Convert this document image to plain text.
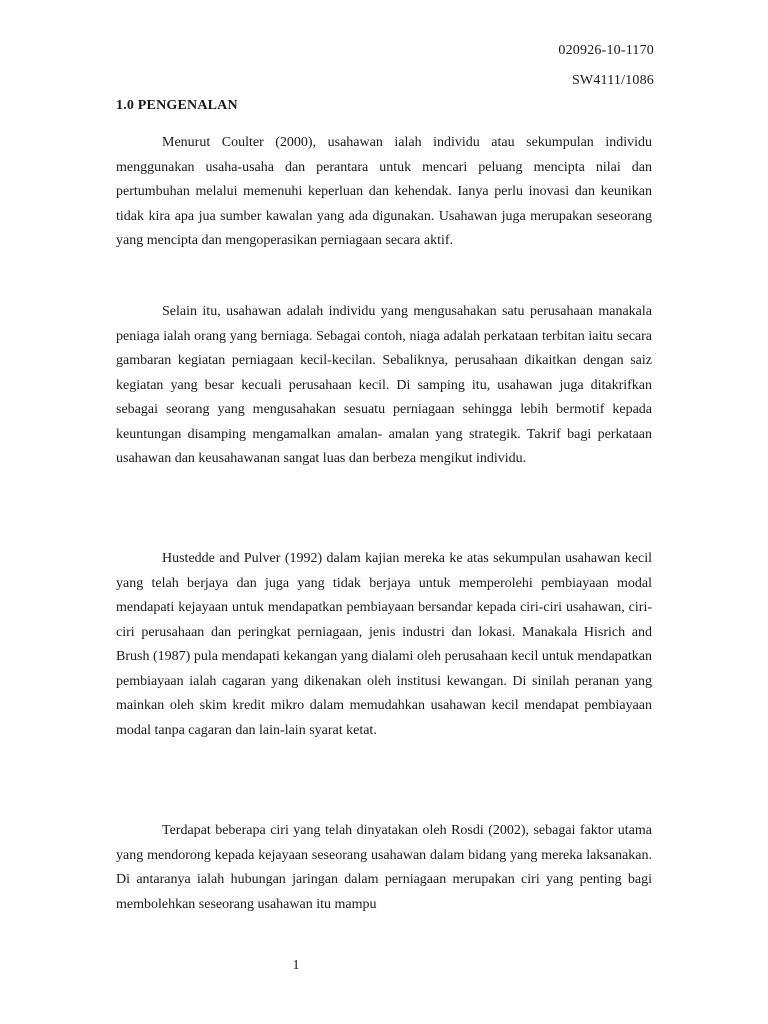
020926-10-1170
SW4111/1086
1.0 PENGENALAN

Menurut Coulter (2000), usahawan ialah individu atau sekumpulan individu menggunakan usaha-usaha dan perantara untuk mencari peluang mencipta nilai dan pertumbuhan melalui memenuhi keperluan dan kehendak. Ianya perlu inovasi dan keunikan tidak kira apa jua sumber kawalan yang ada digunakan. Usahawan juga merupakan seseorang yang mencipta dan mengoperasikan perniagaan secara aktif.

Selain itu, usahawan adalah individu yang mengusahakan satu perusahaan manakala peniaga ialah orang yang berniaga. Sebagai contoh, niaga adalah perkataan terbitan iaitu secara gambaran kegiatan perniagaan kecil-kecilan. Sebaliknya, perusahaan dikaitkan dengan saiz kegiatan yang besar kecuali perusahaan kecil. Di samping itu, usahawan juga ditakrifkan sebagai seorang yang mengusahakan sesuatu perniagaan sehingga lebih bermotif kepada keuntungan disamping mengamalkan amalan- amalan yang strategik. Takrif bagi perkataan usahawan dan keusahawanan sangat luas dan berbeza mengikut individu.

Hustedde and Pulver (1992) dalam kajian mereka ke atas sekumpulan usahawan kecil yang telah berjaya dan juga yang tidak berjaya untuk memperolehi pembiayaan modal mendapati kejayaan untuk mendapatkan pembiayaan bersandar kepada ciri-ciri usahawan, ciri-ciri perusahaan dan peringkat perniagaan, jenis industri dan lokasi. Manakala Hisrich and Brush (1987) pula mendapati kekangan yang dialami oleh perusahaan kecil untuk mendapatkan pembiayaan ialah cagaran yang dikenakan oleh institusi kewangan. Di sinilah peranan yang mainkan oleh skim kredit mikro dalam memudahkan usahawan kecil mendapat pembiayaan modal tanpa cagaran dan lain-lain syarat ketat.

Terdapat beberapa ciri yang telah dinyatakan oleh Rosdi (2002), sebagai faktor utama yang mendorong kepada kejayaan seseorang usahawan dalam bidang yang mereka laksanakan. Di antaranya ialah hubungan jaringan dalam perniagaan merupakan ciri yang penting bagi membolehkan seseorang usahawan itu mampu

1
